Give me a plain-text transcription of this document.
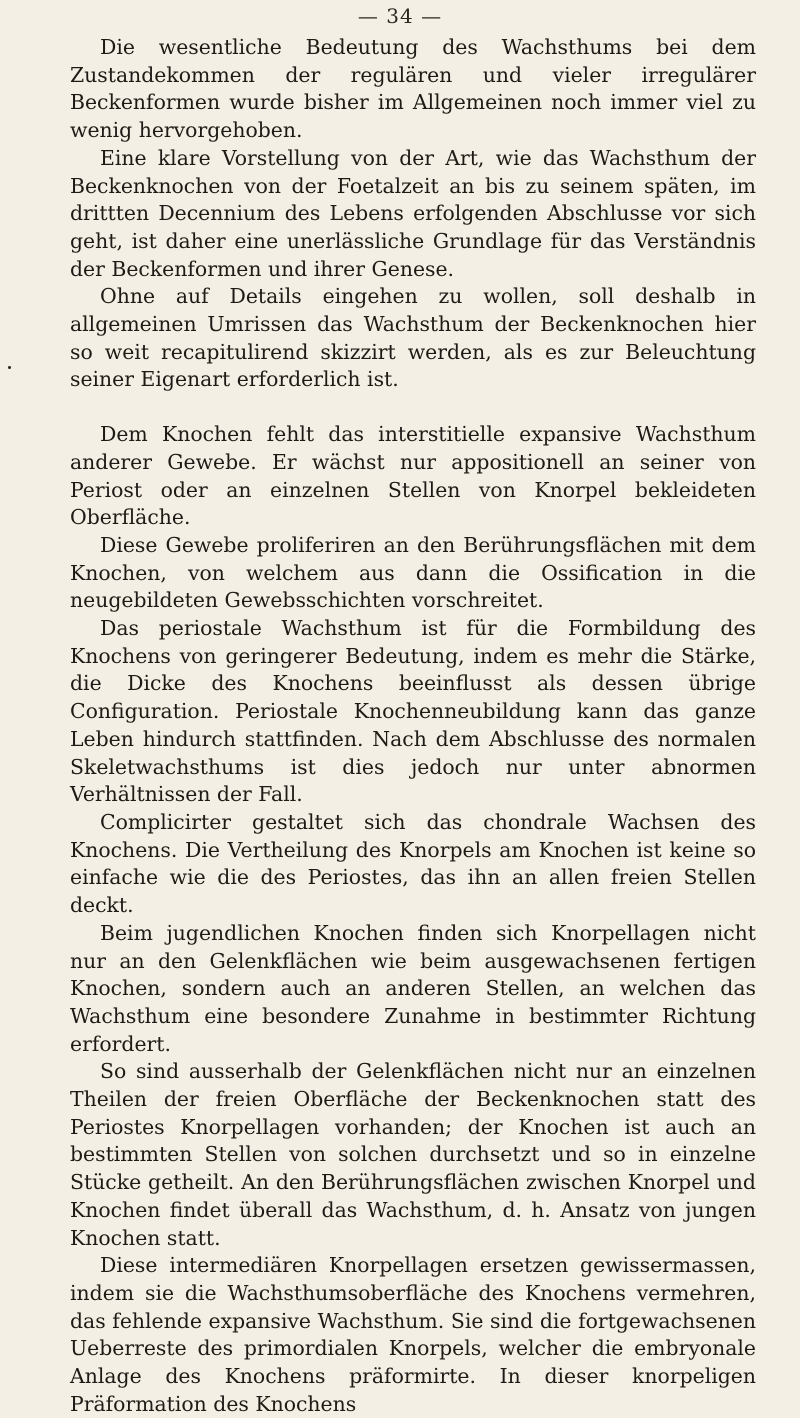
— 34 —

Die wesentliche Bedeutung des Wachsthums bei dem Zustandekommen der regulären und vieler irregulärer Beckenformen wurde bisher im Allgemeinen noch immer viel zu wenig hervorgehoben.

Eine klare Vorstellung von der Art, wie das Wachsthum der Beckenknochen von der Foetalzeit an bis zu seinem späten, im drittten Decennium des Lebens erfolgenden Abschlusse vor sich geht, ist daher eine unerlässliche Grundlage für das Verständnis der Beckenformen und ihrer Genese.

Ohne auf Details eingehen zu wollen, soll deshalb in allgemeinen Umrissen das Wachsthum der Beckenknochen hier so weit recapitulirend skizzirt werden, als es zur Beleuchtung seiner Eigenart erforderlich ist.

Dem Knochen fehlt das interstitielle expansive Wachsthum anderer Gewebe. Er wächst nur appositionell an seiner von Periost oder an einzelnen Stellen von Knorpel bekleideten Oberfläche.

Diese Gewebe proliferiren an den Berührungsflächen mit dem Knochen, von welchem aus dann die Ossification in die neugebildeten Gewebsschichten vorschreitet.

Das periostale Wachsthum ist für die Formbildung des Knochens von geringerer Bedeutung, indem es mehr die Stärke, die Dicke des Knochens beeinflusst als dessen übrige Configuration. Periostale Knochenneubildung kann das ganze Leben hindurch stattfinden. Nach dem Abschlusse des normalen Skeletwachsthums ist dies jedoch nur unter abnormen Verhältnissen der Fall.

Complicirter gestaltet sich das chondrale Wachsen des Knochens. Die Vertheilung des Knorpels am Knochen ist keine so einfache wie die des Periostes, das ihn an allen freien Stellen deckt.

Beim jugendlichen Knochen finden sich Knorpellagen nicht nur an den Gelenkflächen wie beim ausgewachsenen fertigen Knochen, sondern auch an anderen Stellen, an welchen das Wachsthum eine besondere Zunahme in bestimmter Richtung erfordert.

So sind ausserhalb der Gelenkflächen nicht nur an einzelnen Theilen der freien Oberfläche der Beckenknochen statt des Periostes Knorpellagen vorhanden; der Knochen ist auch an bestimmten Stellen von solchen durchsetzt und so in einzelne Stücke getheilt. An den Berührungsflächen zwischen Knorpel und Knochen findet überall das Wachsthum, d. h. Ansatz von jungen Knochen statt.

Diese intermediären Knorpellagen ersetzen gewissermassen, indem sie die Wachsthumsoberfläche des Knochens vermehren, das fehlende expansive Wachsthum. Sie sind die fortgewachsenen Ueberreste des primordialen Knorpels, welcher die embryonale Anlage des Knochens präformirte. In dieser knorpeligen Präformation des Knochens
